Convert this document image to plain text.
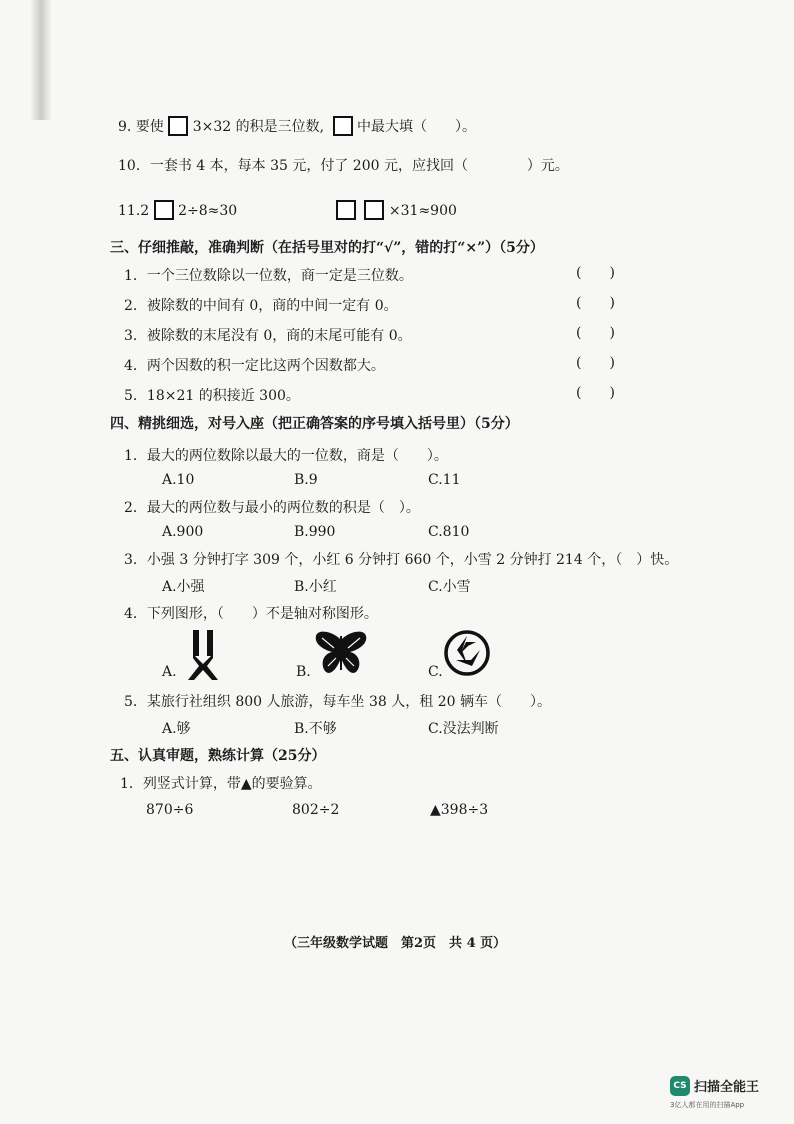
9. 要使 3×32 的积是三位数, 中最大填（　　）。
10．一套书 4 本，每本 35 元，付了 200 元，应找回（	）元。
11.2 2÷8≈30	×31≈900
三、仔细推敲，准确判断（在括号里对的打“√”，错的打“×”）（5分）
1．一个三位数除以一位数，商一定是三位数。	(　　)
2．被除数的中间有 0，商的中间一定有 0。	(　　)
3．被除数的末尾没有 0，商的末尾可能有 0。	(　　)
4．两个因数的积一定比这两个因数都大。	(　　)
5．18×21 的积接近 300。	(　　)
四、精挑细选，对号入座（把正确答案的序号填入括号里）（5分）
1．最大的两位数除以最大的一位数，商是（　　）。
A.10	B.9	C.11
2．最大的两位数与最小的两位数的积是（　）。
A.900	B.990	C.810
3．小强 3 分钟打字 309 个，小红 6 分钟打 660 个，小雪 2 分钟打 214 个，（　）快。
A.小强	B.小红	C.小雪
4．下列图形，（　　）不是轴对称图形。
A.	B.	C.
5．某旅行社组织 800 人旅游，每车坐 38 人，租 20 辆车（　　）。
A.够	B.不够	C.没法判断
五、认真审题，熟练计算（25分）
1．列竖式计算，带▲的要验算。
870÷6	802÷2	▲398÷3
（三年级数学试题　第2页　共 4 页）
CS 扫描全能王
3亿人都在用的扫描App
